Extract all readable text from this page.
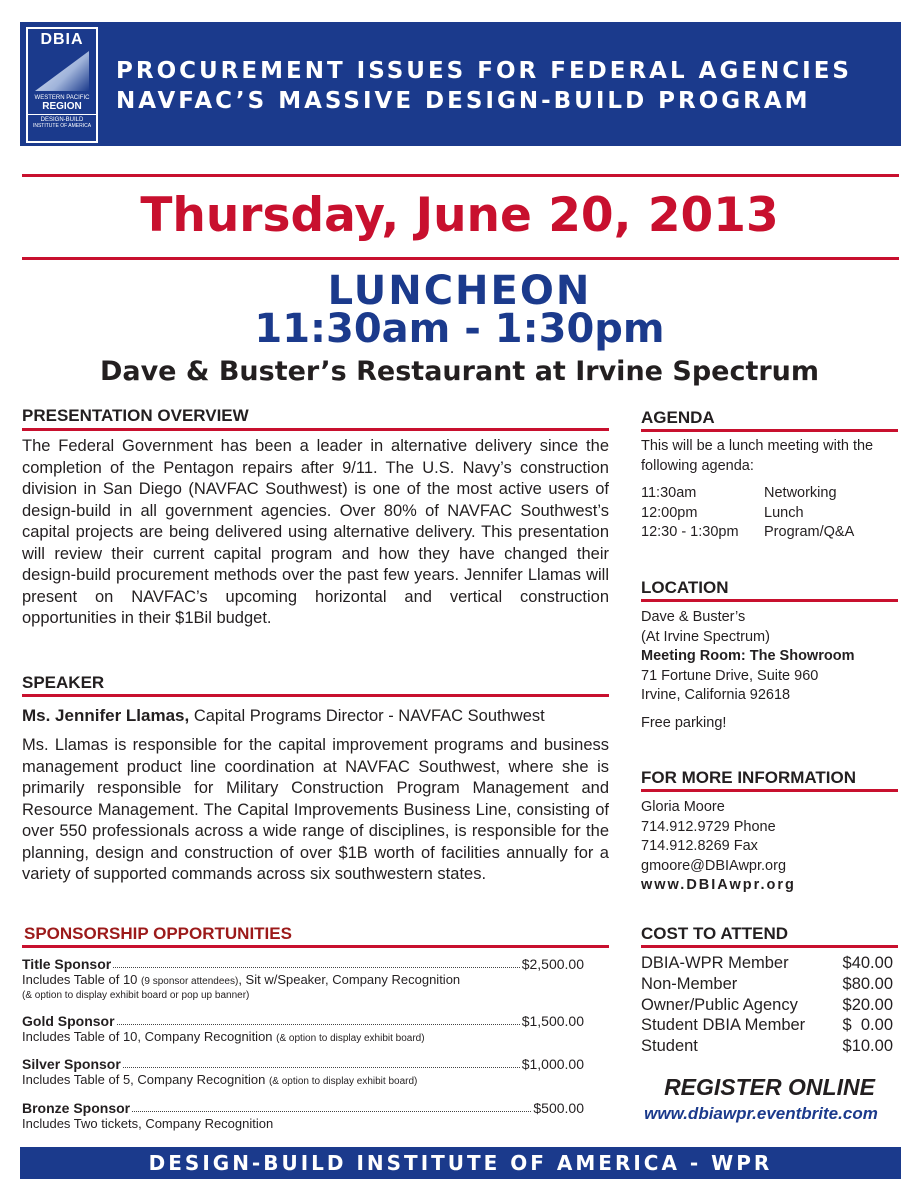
DBIA
WESTERN PACIFIC
REGION
DESIGN-BUILD
INSTITUTE OF AMERICA
PROCUREMENT ISSUES FOR FEDERAL AGENCIES
NAVFAC’S MASSIVE DESIGN-BUILD PROGRAM
Thursday, June 20, 2013
LUNCHEON
11:30am - 1:30pm
Dave & Buster’s Restaurant at Irvine Spectrum
PRESENTATION OVERVIEW
The Federal Government has been a leader in alternative delivery since the completion of the Pentagon repairs after 9/11. The U.S. Navy’s construction division in San Diego (NAVFAC Southwest) is one of the most active users of design-build in all government agencies. Over 80% of NAVFAC Southwest’s capital projects are being delivered using alternative delivery. This presentation will review their current capital program and how they have changed their design-build procurement methods over the past few years. Jennifer Llamas will present on NAVFAC’s upcoming horizontal and vertical construction opportunities in their $1Bil budget.
SPEAKER
Ms. Jennifer Llamas, Capital Programs Director - NAVFAC Southwest
Ms. Llamas is responsible for the capital improvement programs and business management product line coordination at NAVFAC Southwest, where she is primarily responsible for Military Construction Program Management and Resource Management. The Capital Improvements Business Line, consisting of over 550 professionals across a wide range of disciplines, is responsible for the planning, design and construction of over $1B worth of facilities annually for a variety of supported commands across six southwestern states.
SPONSORSHIP OPPORTUNITIES
Title Sponsor	$2,500.00
Includes Table of 10 (9 sponsor attendees), Sit w/Speaker, Company Recognition
(& option to display exhibit board or pop up banner)
Gold Sponsor	$1,500.00
Includes Table of 10, Company Recognition (& option to display exhibit board)
Silver Sponsor	$1,000.00
Includes Table of 5, Company Recognition (& option to display exhibit board)
Bronze Sponsor	$500.00
Includes Two tickets, Company Recognition
AGENDA
This will be a lunch meeting with the following agenda:
11:30am	Networking
12:00pm	Lunch
12:30 - 1:30pm	Program/Q&A
LOCATION
Dave & Buster’s
(At Irvine Spectrum)
Meeting Room: The Showroom
71 Fortune Drive, Suite 960
Irvine, California 92618
Free parking!
FOR MORE INFORMATION
Gloria Moore
714.912.9729 Phone
714.912.8269 Fax
gmoore@DBIAwpr.org
www.DBIAwpr.org
COST TO ATTEND
DBIA-WPR Member	$40.00
Non-Member	$80.00
Owner/Public Agency	$20.00
Student DBIA Member $  0.00
Student	$10.00
REGISTER ONLINE
www.dbiawpr.eventbrite.com
DESIGN-BUILD INSTITUTE OF AMERICA - WPR
